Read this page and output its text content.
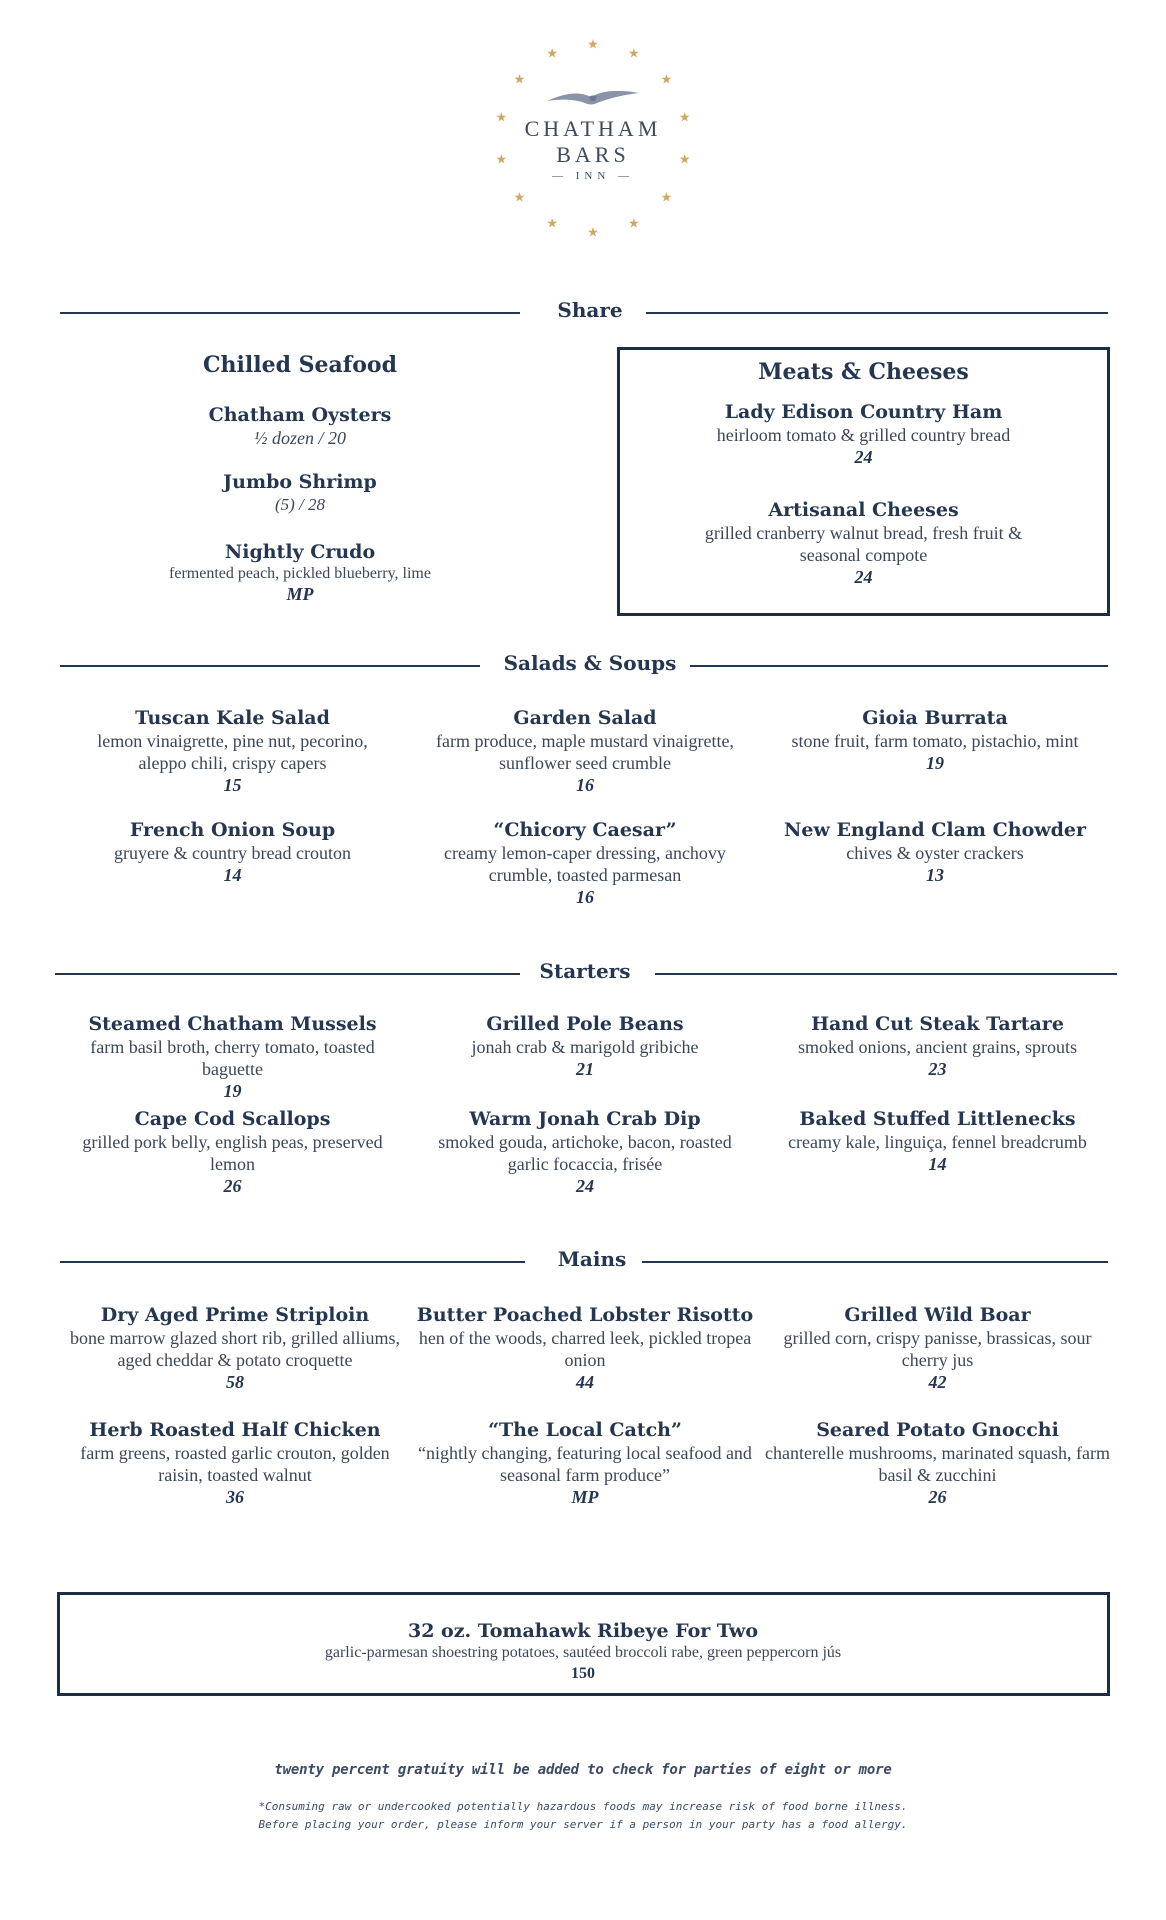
★
★
★
★
★
★
★
★
★
★
★
★
★
★
CHATHAM
BARS
— INN —
Share
Chilled Seafood
Chatham Oysters
½ dozen / 20
Jumbo Shrimp
(5) / 28
Nightly Crudo
fermented peach, pickled blueberry, lime
MP
Meats & Cheeses
Lady Edison Country Ham
heirloom tomato & grilled country bread
24
Artisanal Cheeses
grilled cranberry walnut bread, fresh fruit & seasonal compote
24
Salads & Soups
Tuscan Kale Salad
lemon vinaigrette, pine nut, pecorino, aleppo chili, crispy capers
15
Garden Salad
farm produce, maple mustard vinaigrette, sunflower seed crumble
16
Gioia Burrata
stone fruit, farm tomato, pistachio, mint
19
French Onion Soup
gruyere & country bread crouton
14
“Chicory Caesar”
creamy lemon-caper dressing, anchovy crumble, toasted parmesan
16
New England Clam Chowder
chives & oyster crackers
13
Starters
Steamed Chatham Mussels
farm basil broth, cherry tomato, toasted baguette
19
Grilled Pole Beans
jonah crab & marigold gribiche
21
Hand Cut Steak Tartare
smoked onions, ancient grains, sprouts
23
Cape Cod Scallops
grilled pork belly, english peas, preserved lemon
26
Warm Jonah Crab Dip
smoked gouda, artichoke, bacon, roasted garlic focaccia, frisée
24
Baked Stuffed Littlenecks
creamy kale, linguiça, fennel breadcrumb
14
Mains
Dry Aged Prime Striploin
bone marrow glazed short rib, grilled alliums, aged cheddar & potato croquette
58
Butter Poached Lobster Risotto
hen of the woods, charred leek, pickled tropea onion
44
Grilled Wild Boar
grilled corn, crispy panisse, brassicas, sour cherry jus
42
Herb Roasted Half Chicken
farm greens, roasted garlic crouton, golden raisin, toasted walnut
36
“The Local Catch”
“nightly changing, featuring local seafood and seasonal farm produce”
MP
Seared Potato Gnocchi
chanterelle mushrooms, marinated squash, farm basil & zucchini
26
32 oz. Tomahawk Ribeye For Two
garlic-parmesan shoestring potatoes, sautéed broccoli rabe, green peppercorn jús
150
twenty percent gratuity will be added to check for parties of eight or more
*Consuming raw or undercooked potentially hazardous foods may increase risk of food borne illness.
Before placing your order, please inform your server if a person in your party has a food allergy.
